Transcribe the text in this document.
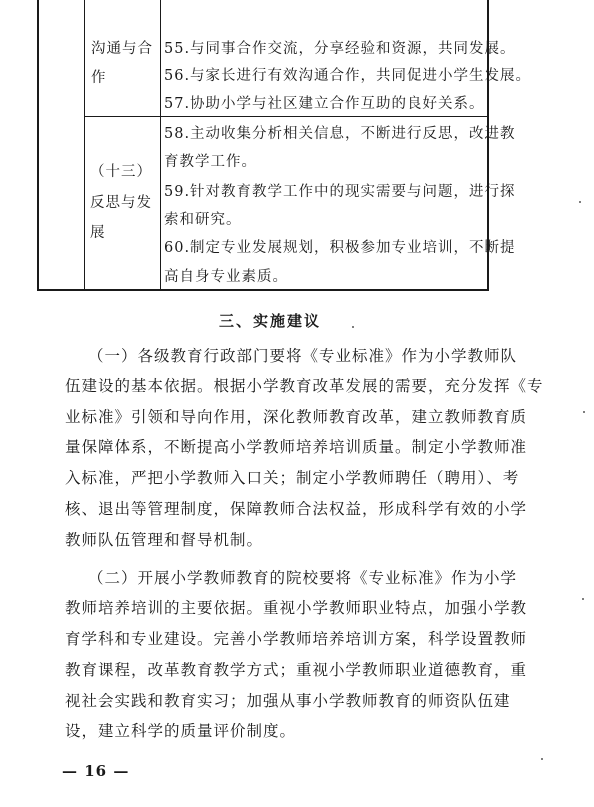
沟通与合
作
55.与同事合作交流，分享经验和资源，共同发展。
56.与家长进行有效沟通合作，共同促进小学生发展。
57.协助小学与社区建立合作互助的良好关系。
（十三）
反思与发
展
58.主动收集分析相关信息，不断进行反思，改进教
育教学工作。
59.针对教育教学工作中的现实需要与问题，进行探
索和研究。
60.制定专业发展规划，积极参加专业培训，不断提
高自身专业素质。
三、实施建议
（一）各级教育行政部门要将《专业标准》作为小学教师队
伍建设的基本依据。根据小学教育改革发展的需要，充分发挥《专
业标准》引领和导向作用，深化教师教育改革，建立教师教育质
量保障体系，不断提高小学教师培养培训质量。制定小学教师准
入标准，严把小学教师入口关；制定小学教师聘任（聘用）、考
核、退出等管理制度，保障教师合法权益，形成科学有效的小学
教师队伍管理和督导机制。
（二）开展小学教师教育的院校要将《专业标准》作为小学
教师培养培训的主要依据。重视小学教师职业特点，加强小学教
育学科和专业建设。完善小学教师培养培训方案，科学设置教师
教育课程，改革教育教学方式；重视小学教师职业道德教育，重
视社会实践和教育实习；加强从事小学教师教育的师资队伍建
设，建立科学的质量评价制度。
— 16 —
